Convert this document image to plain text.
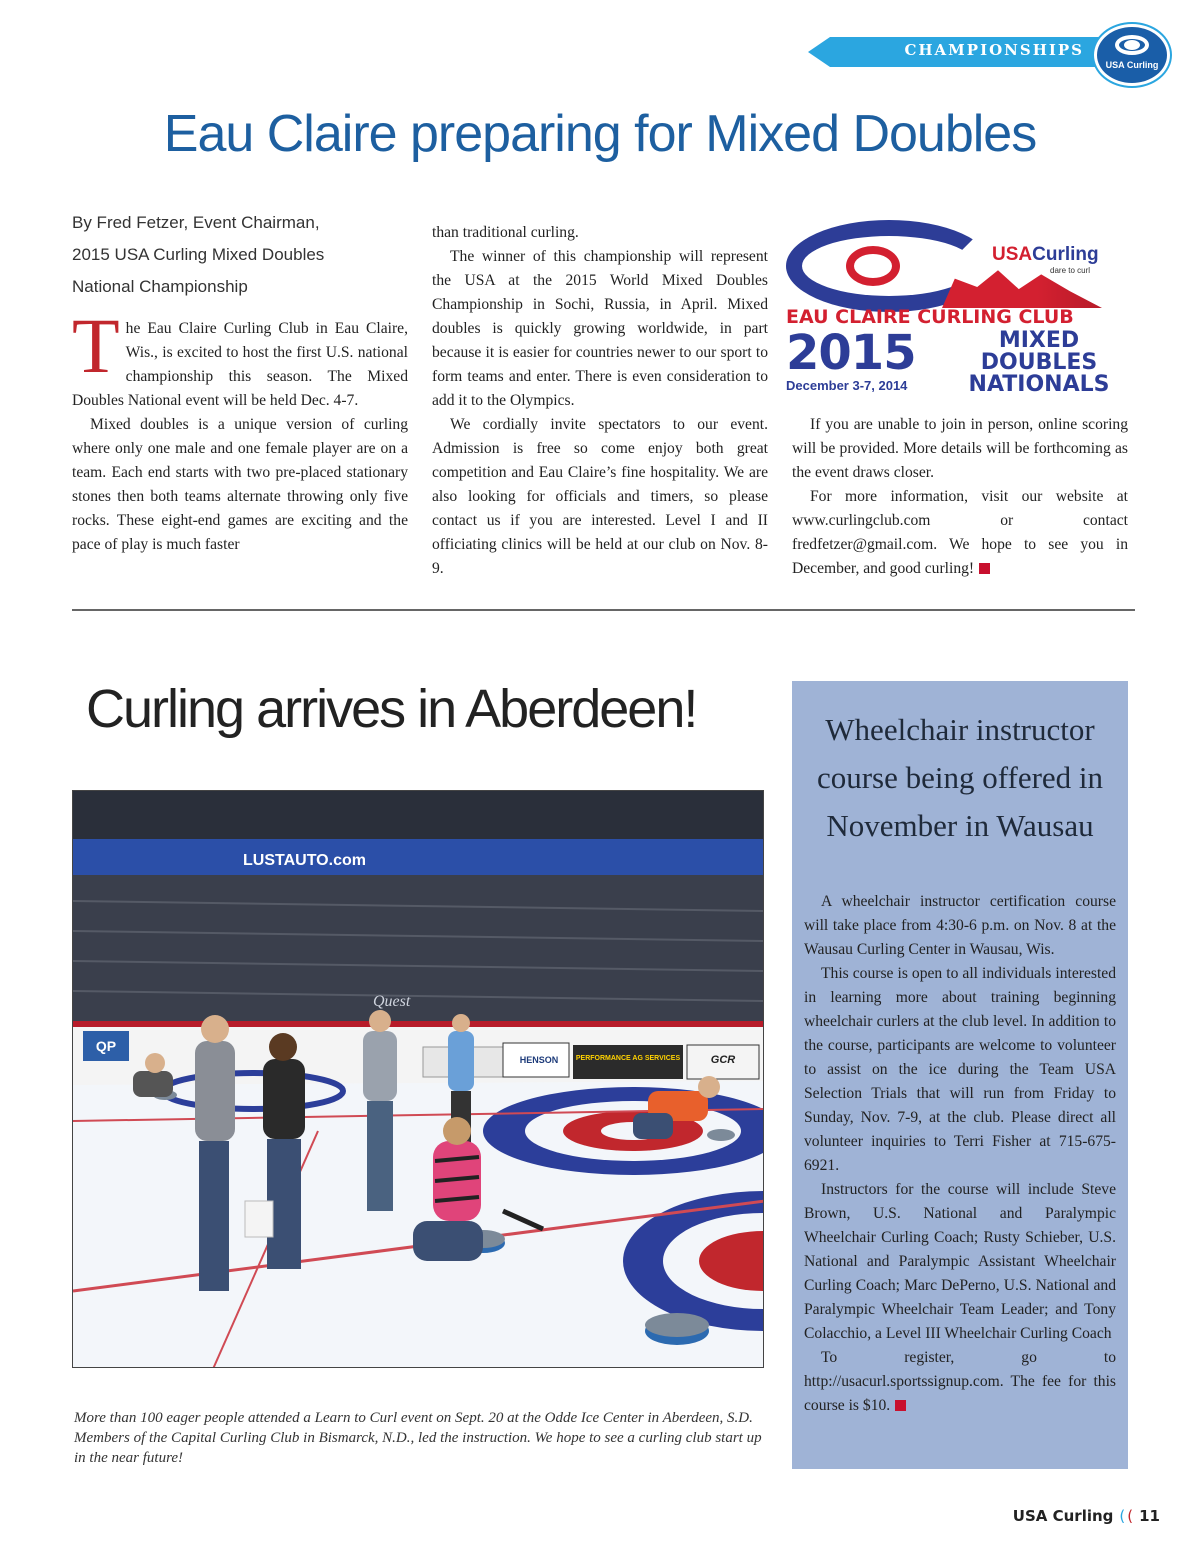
CHAMPIONSHIPS
USA Curling
Eau Claire preparing for Mixed Doubles
By Fred Fetzer, Event Chairman,
2015 USA Curling Mixed Doubles
National Championship

The Eau Claire Curling Club in Eau Claire, Wis., is excited to host the first U.S. national championship this season. The Mixed Doubles National event will be held Dec. 4-7.

Mixed doubles is a unique version of curling where only one male and one female player are on a team. Each end starts with two pre-placed stationary stones then both teams alternate throwing only five rocks. These eight-end games are exciting and the pace of play is much faster

than traditional curling.

The winner of this championship will represent the USA at the 2015 World Mixed Doubles Championship in Sochi, Russia, in April. Mixed doubles is quickly growing worldwide, in part because it is easier for countries newer to our sport to form teams and enter. There is even consideration to add it to the Olympics.

We cordially invite spectators to our event. Admission is free so come enjoy both great competition and Eau Claire’s fine hospitality. We are also looking for officials and timers, so please contact us if you are interested. Level I and II officiating clinics will be held at our club on Nov. 8-9.

USACurling
dare to curl
EAU CLAIRE CURLING CLUB
2015
December 3-7, 2014
MIXED
DOUBLES
NATIONALS

If you are unable to join in person, online scoring will be provided. More details will be forthcoming as the event draws closer.

For more information, visit our website at www.curlingclub.com or contact fredfetzer@gmail.com. We hope to see you in December, and good curling!

Curling arrives in Aberdeen!
LUSTAUTO.com
QP
Quest
HENSON	PERFORMANCE AG SERVICES	GCR
More than 100 eager people attended a Learn to Curl event on Sept. 20 at the Odde Ice Center in Aberdeen, S.D. Members of the Capital Curling Club in Bismarck, N.D., led the instruction. We hope to see a curling club start up in the near future!
Wheelchair instructor course being offered in November in Wausau

A wheelchair instructor certification course will take place from 4:30-6 p.m. on Nov. 8 at the Wausau Curling Center in Wausau, Wis.

This course is open to all individuals interested in learning more about training beginning wheelchair curlers at the club level. In addition to the course, participants are welcome to volunteer to assist on the ice during the Team USA Selection Trials that will run from Friday to Sunday, Nov. 7-9, at the club. Please direct all volunteer inquiries to Terri Fisher at 715-675-6921.

Instructors for the course will include Steve Brown, U.S. National and Paralympic Wheelchair Curling Coach; Rusty Schieber, U.S. National and Paralympic Assistant Wheelchair Curling Coach; Marc DePerno, U.S. National and Paralympic Wheelchair Team Leader; and Tony Colacchio, a Level III Wheelchair Curling Coach

To register, go to http://usacurl.sportssignup.com. The fee for this course is $10.

USA Curling ( ( 11
